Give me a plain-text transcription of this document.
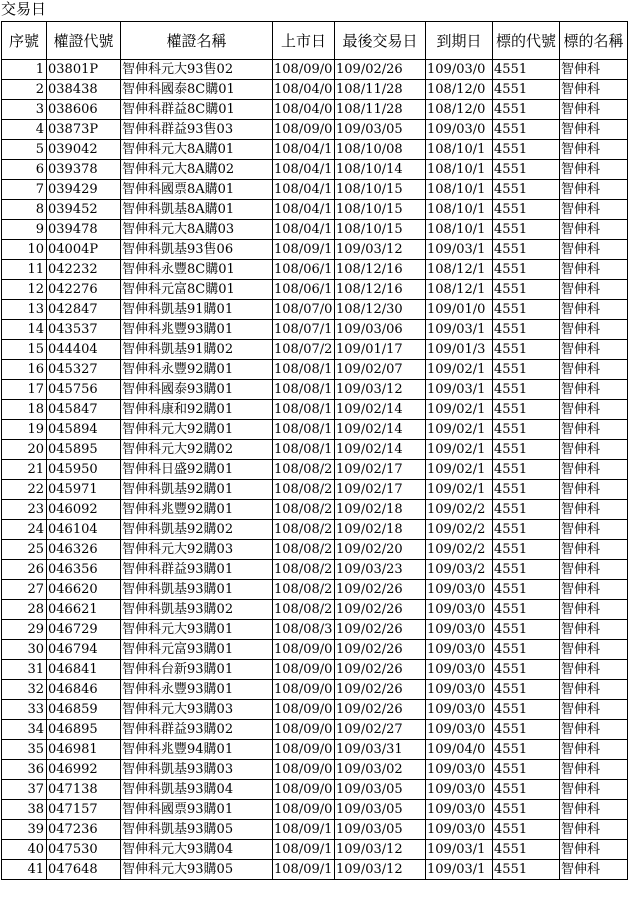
交易日
序號	權證代號	權證名稱	上市日	最後交易日	到期日	標的代號	標的名稱
1	03801P	智伸科元大93售02	108/09/0	109/02/26	109/03/0	4551	智伸科
2	038438	智伸科國泰8C購01	108/04/0	108/11/28	108/12/0	4551	智伸科
3	038606	智伸科群益8C購01	108/04/0	108/11/28	108/12/0	4551	智伸科
4	03873P	智伸科群益93售03	108/09/0	109/03/05	109/03/0	4551	智伸科
5	039042	智伸科元大8A購01	108/04/1	108/10/08	108/10/1	4551	智伸科
6	039378	智伸科元大8A購02	108/04/1	108/10/14	108/10/1	4551	智伸科
7	039429	智伸科國票8A購01	108/04/1	108/10/15	108/10/1	4551	智伸科
8	039452	智伸科凱基8A購01	108/04/1	108/10/15	108/10/1	4551	智伸科
9	039478	智伸科元大8A購03	108/04/1	108/10/15	108/10/1	4551	智伸科
10	04004P	智伸科凱基93售06	108/09/1	109/03/12	109/03/1	4551	智伸科
11	042232	智伸科永豐8C購01	108/06/1	108/12/16	108/12/1	4551	智伸科
12	042276	智伸科元富8C購01	108/06/1	108/12/16	108/12/1	4551	智伸科
13	042847	智伸科凱基91購01	108/07/0	108/12/30	109/01/0	4551	智伸科
14	043537	智伸科兆豐93購01	108/07/1	109/03/06	109/03/1	4551	智伸科
15	044404	智伸科凱基91購02	108/07/2	109/01/17	109/01/3	4551	智伸科
16	045327	智伸科永豐92購01	108/08/1	109/02/07	109/02/1	4551	智伸科
17	045756	智伸科國泰93購01	108/08/1	109/03/12	109/03/1	4551	智伸科
18	045847	智伸科康和92購01	108/08/1	109/02/14	109/02/1	4551	智伸科
19	045894	智伸科元大92購01	108/08/1	109/02/14	109/02/1	4551	智伸科
20	045895	智伸科元大92購02	108/08/1	109/02/14	109/02/1	4551	智伸科
21	045950	智伸科日盛92購01	108/08/2	109/02/17	109/02/1	4551	智伸科
22	045971	智伸科凱基92購01	108/08/2	109/02/17	109/02/1	4551	智伸科
23	046092	智伸科兆豐92購01	108/08/2	109/02/18	109/02/2	4551	智伸科
24	046104	智伸科凱基92購02	108/08/2	109/02/18	109/02/2	4551	智伸科
25	046326	智伸科元大92購03	108/08/2	109/02/20	109/02/2	4551	智伸科
26	046356	智伸科群益93購01	108/08/2	109/03/23	109/03/2	4551	智伸科
27	046620	智伸科凱基93購01	108/08/2	109/02/26	109/03/0	4551	智伸科
28	046621	智伸科凱基93購02	108/08/2	109/02/26	109/03/0	4551	智伸科
29	046729	智伸科元大93購01	108/08/3	109/02/26	109/03/0	4551	智伸科
30	046794	智伸科元富93購01	108/09/0	109/02/26	109/03/0	4551	智伸科
31	046841	智伸科台新93購01	108/09/0	109/02/26	109/03/0	4551	智伸科
32	046846	智伸科永豐93購01	108/09/0	109/02/26	109/03/0	4551	智伸科
33	046859	智伸科元大93購03	108/09/0	109/02/26	109/03/0	4551	智伸科
34	046895	智伸科群益93購02	108/09/0	109/02/27	109/03/0	4551	智伸科
35	046981	智伸科兆豐94購01	108/09/0	109/03/31	109/04/0	4551	智伸科
36	046992	智伸科凱基93購03	108/09/0	109/03/02	109/03/0	4551	智伸科
37	047138	智伸科凱基93購04	108/09/0	109/03/05	109/03/0	4551	智伸科
38	047157	智伸科國票93購01	108/09/0	109/03/05	109/03/0	4551	智伸科
39	047236	智伸科凱基93購05	108/09/1	109/03/05	109/03/0	4551	智伸科
40	047530	智伸科元大93購04	108/09/1	109/03/12	109/03/1	4551	智伸科
41	047648	智伸科元大93購05	108/09/1	109/03/12	109/03/1	4551	智伸科
